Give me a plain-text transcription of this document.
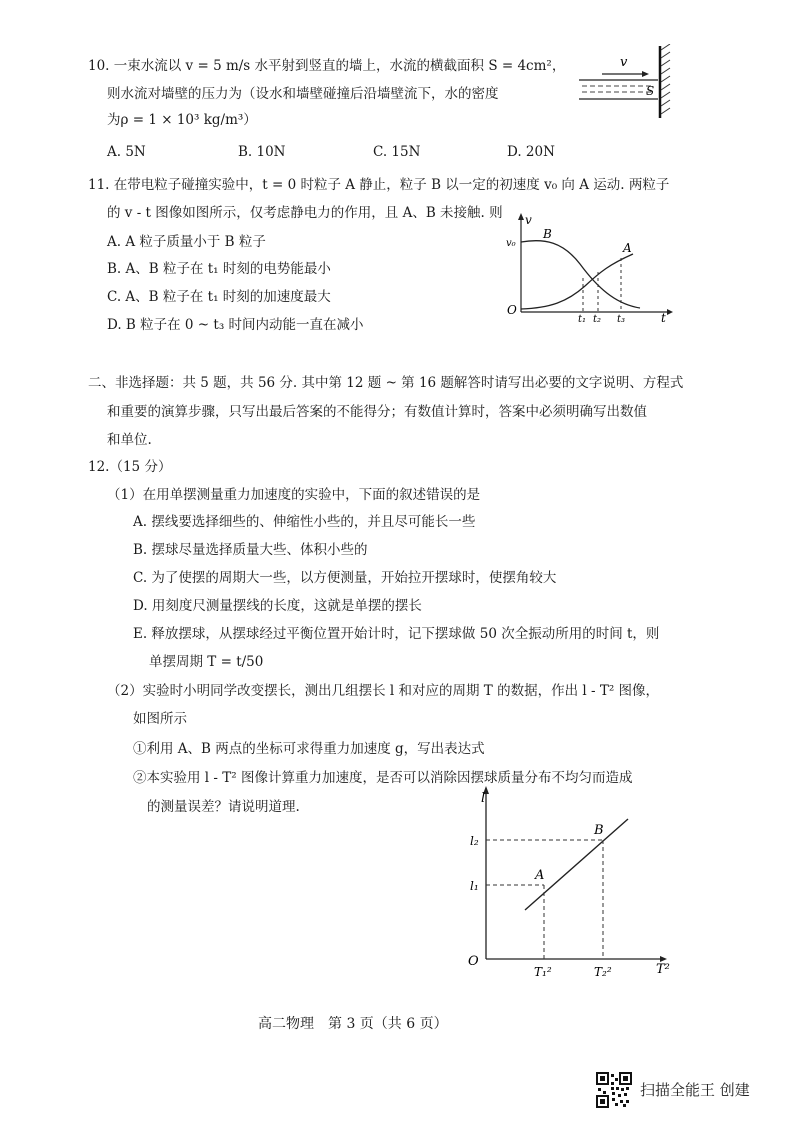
10. 一束水流以 v = 5 m/s 水平射到竖直的墙上，水流的横截面积 S = 4cm²，
则水流对墙壁的压力为（设水和墙壁碰撞后沿墙壁流下，水的密度
为ρ = 1 × 10³ kg/m³）
A. 5N	B. 10N	C. 15N	D. 20N
v
S
11. 在带电粒子碰撞实验中，t = 0 时粒子 A 静止，粒子 B 以一定的初速度 v₀ 向 A 运动. 两粒子
的 v - t 图像如图所示，仅考虑静电力的作用，且 A、B 未接触. 则
A. A 粒子质量小于 B 粒子
B. A、B 粒子在 t₁ 时刻的电势能最小
C. A、B 粒子在 t₁ 时刻的加速度最大
D. B 粒子在 0 ~ t₃ 时间内动能一直在减小
v
t
O
v₀
B
A
t₁ t₂ t₃
二、非选择题：共 5 题，共 56 分. 其中第 12 题 ~ 第 16 题解答时请写出必要的文字说明、方程式
和重要的演算步骤，只写出最后答案的不能得分；有数值计算时，答案中必须明确写出数值
和单位.
12.（15 分）
（1）在用单摆测量重力加速度的实验中，下面的叙述错误的是
A. 摆线要选择细些的、伸缩性小些的，并且尽可能长一些
B. 摆球尽量选择质量大些、体积小些的
C. 为了使摆的周期大一些，以方便测量，开始拉开摆球时，使摆角较大
D. 用刻度尺测量摆线的长度，这就是单摆的摆长
E. 释放摆球，从摆球经过平衡位置开始计时，记下摆球做 50 次全振动所用的时间 t，则
单摆周期 T = t/50
（2）实验时小明同学改变摆长，测出几组摆长 l 和对应的周期 T 的数据，作出 l - T² 图像，
如图所示
①利用 A、B 两点的坐标可求得重力加速度 g，写出表达式
②本实验用 l - T² 图像计算重力加速度，是否可以消除因摆球质量分布不均匀而造成
的测量误差？请说明道理.
l
T²
O
A
B
l₁
l₂
T₁²	T₂²
高二物理　第 3 页（共 6 页）
扫描全能王 创建
